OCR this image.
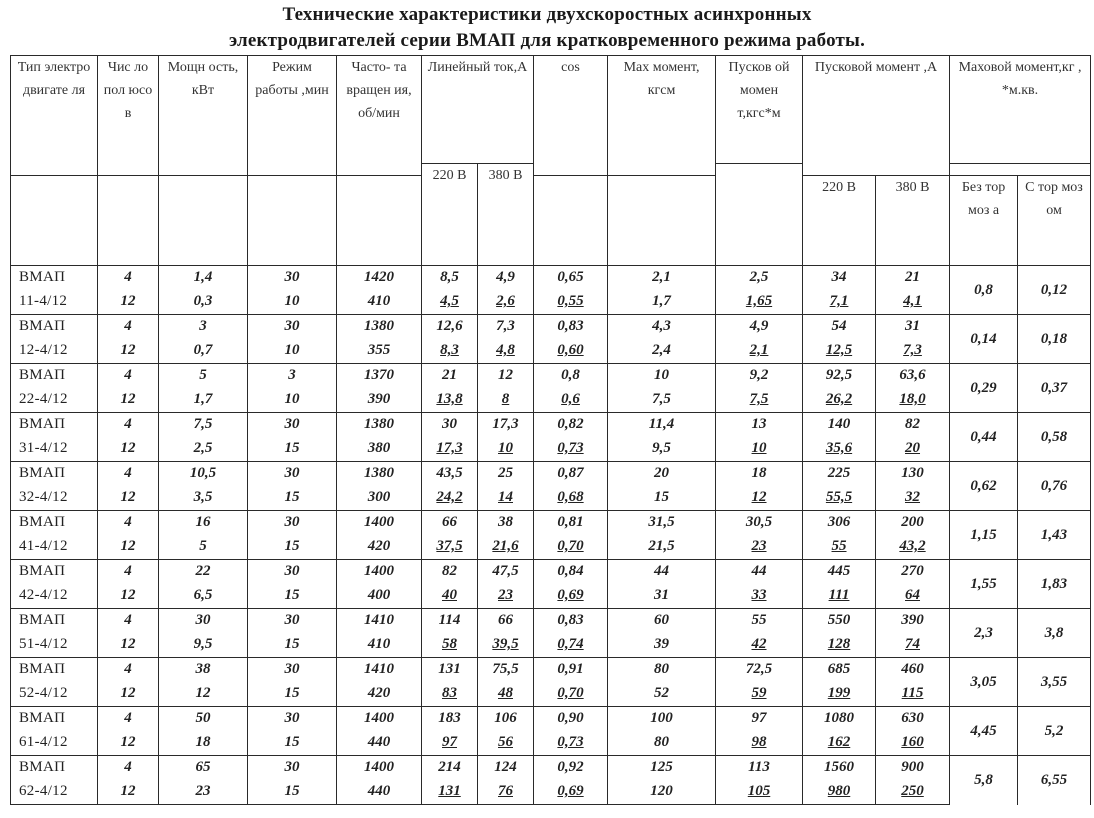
Технические характеристики двухскоростных асинхронных
электродвигателей серии ВМАП для кратковременного режима работы.
Тип электро двигате ля	Чис ло пол юсо в	Мощн ость, кВт	Режим работы ,мин	Часто- та вращен ия, об/мин	Линейный ток,А		cos	Max момент, кгсм	Пусков ой момен т,кгс*м	Пусковой момент ,А		Маховой момент,кг , *м.кв.	

					220 В	380 В							

										220 В	380 В	Без тор моз а	С тор моз ом

ВМАП	4	1,4	30	1420	8,5	4,9	0,65	2,1	2,5	34	21	0,8	0,12
11-4/12	12	0,3	10	410	4,5	2,6	0,55	1,7	1,65	7,1	4,1		
ВМАП	4	3	30	1380	12,6	7,3	0,83	4,3	4,9	54	31	0,14	0,18
12-4/12	12	0,7	10	355	8,3	4,8	0,60	2,4	2,1	12,5	7,3		
ВМАП	4	5	3	1370	21	12	0,8	10	9,2	92,5	63,6	0,29	0,37
22-4/12	12	1,7	10	390	13,8	8	0,6	7,5	7,5	26,2	18,0		
ВМАП	4	7,5	30	1380	30	17,3	0,82	11,4	13	140	82	0,44	0,58
31-4/12	12	2,5	15	380	17,3	10	0,73	9,5	10	35,6	20		
ВМАП	4	10,5	30	1380	43,5	25	0,87	20	18	225	130	0,62	0,76
32-4/12	12	3,5	15	300	24,2	14	0,68	15	12	55,5	32		
ВМАП	4	16	30	1400	66	38	0,81	31,5	30,5	306	200	1,15	1,43
41-4/12	12	5	15	420	37,5	21,6	0,70	21,5	23	55	43,2		
ВМАП	4	22	30	1400	82	47,5	0,84	44	44	445	270	1,55	1,83
42-4/12	12	6,5	15	400	40	23	0,69	31	33	111	64		
ВМАП	4	30	30	1410	114	66	0,83	60	55	550	390	2,3	3,8
51-4/12	12	9,5	15	410	58	39,5	0,74	39	42	128	74		
ВМАП	4	38	30	1410	131	75,5	0,91	80	72,5	685	460	3,05	3,55
52-4/12	12	12	15	420	83	48	0,70	52	59	199	115		
ВМАП	4	50	30	1400	183	106	0,90	100	97	1080	630	4,45	5,2
61-4/12	12	18	15	440	97	56	0,73	80	98	162	160		
ВМАП	4	65	30	1400	214	124	0,92	125	113	1560	900	5,8	6,55
62-4/12	12	23	15	440	131	76	0,69	120	105	980	250		
